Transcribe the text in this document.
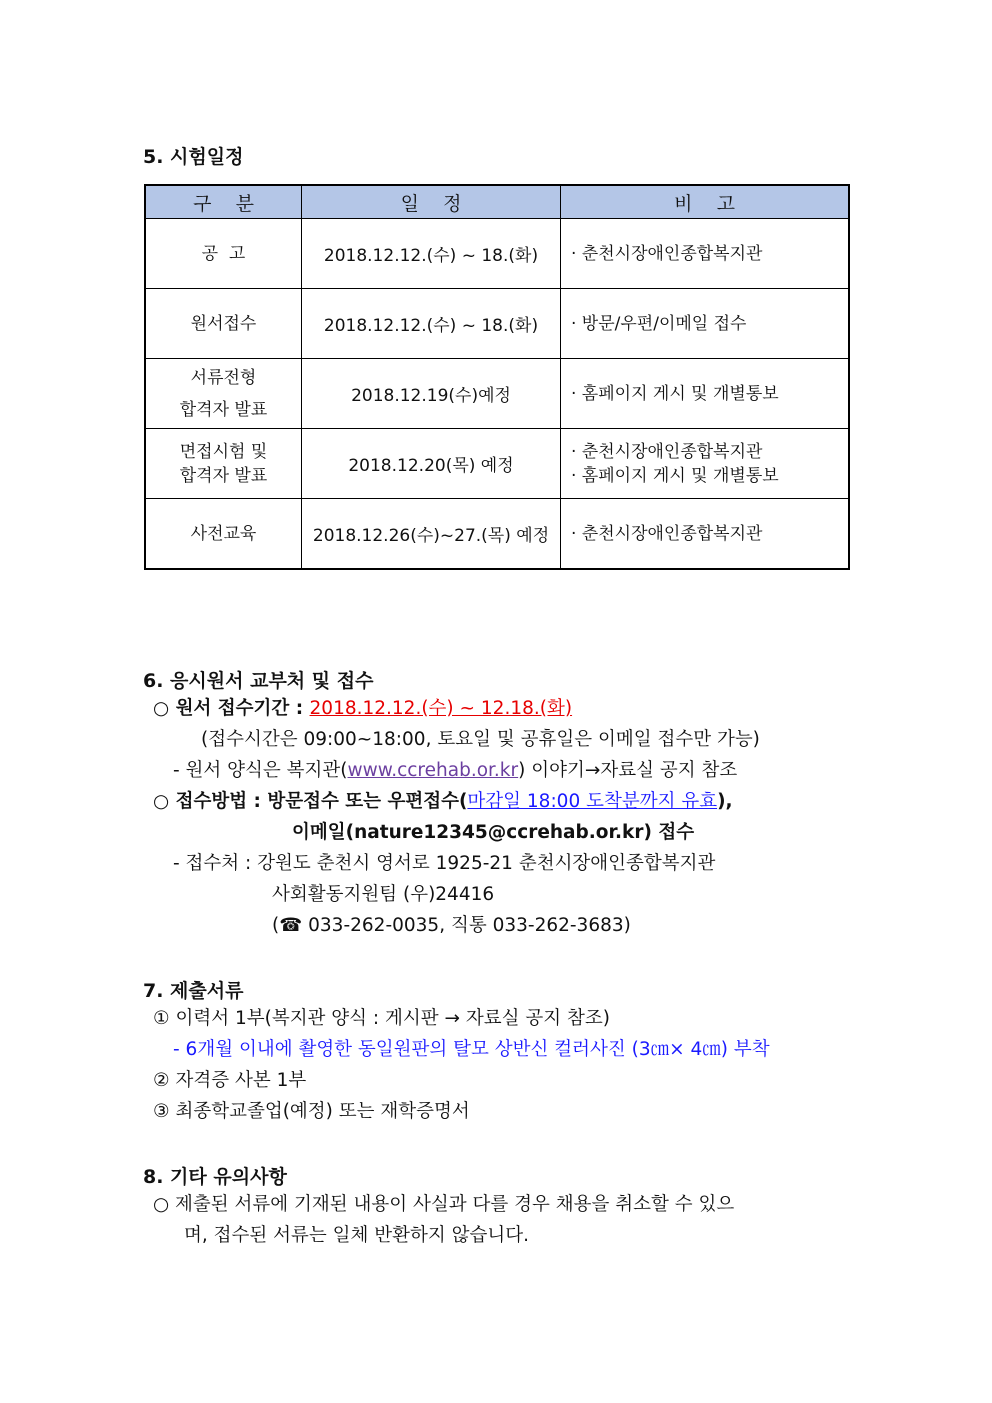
5. 시험일정
구    분	일    정	비    고

공  고	2018.12.12.(수) ~ 18.(화)	· 춘천시장애인종합복지관

원서접수	2018.12.12.(수) ~ 18.(화)	· 방문/우편/이메일 접수

서류전형
합격자 발표	2018.12.19(수)예정	· 홈페이지 게시 및 개별통보

면접시험 및
합격자 발표	2018.12.20(목) 예정	· 춘천시장애인종합복지관
· 홈페이지 게시 및 개별통보

사전교육	2018.12.26(수)~27.(목) 예정	· 춘천시장애인종합복지관
6. 응시원서 교부처 및 접수
○ 원서 접수기간 : 2018.12.12.(수) ~ 12.18.(화)
(접수시간은 09:00~18:00, 토요일 및 공휴일은 이메일 접수만 가능)
- 원서 양식은 복지관(www.ccrehab.or.kr) 이야기→자료실 공지 참조
○ 접수방법 : 방문접수 또는 우편접수(마감일 18:00 도착분까지 유효),
이메일(nature12345@ccrehab.or.kr) 접수
- 접수처 : 강원도 춘천시 영서로 1925-21 춘천시장애인종합복지관
사회활동지원팀 (우)24416
(☎ 033-262-0035, 직통 033-262-3683)
7. 제출서류
① 이력서 1부(복지관 양식 : 게시판 → 자료실 공지 참조)
- 6개월 이내에 촬영한 동일원판의 탈모 상반신 컬러사진 (3㎝× 4㎝) 부착
② 자격증 사본 1부
③ 최종학교졸업(예정) 또는 재학증명서
8. 기타 유의사항
○ 제출된 서류에 기재된 내용이 사실과 다를 경우 채용을 취소할 수 있으
며, 접수된 서류는 일체 반환하지 않습니다.
